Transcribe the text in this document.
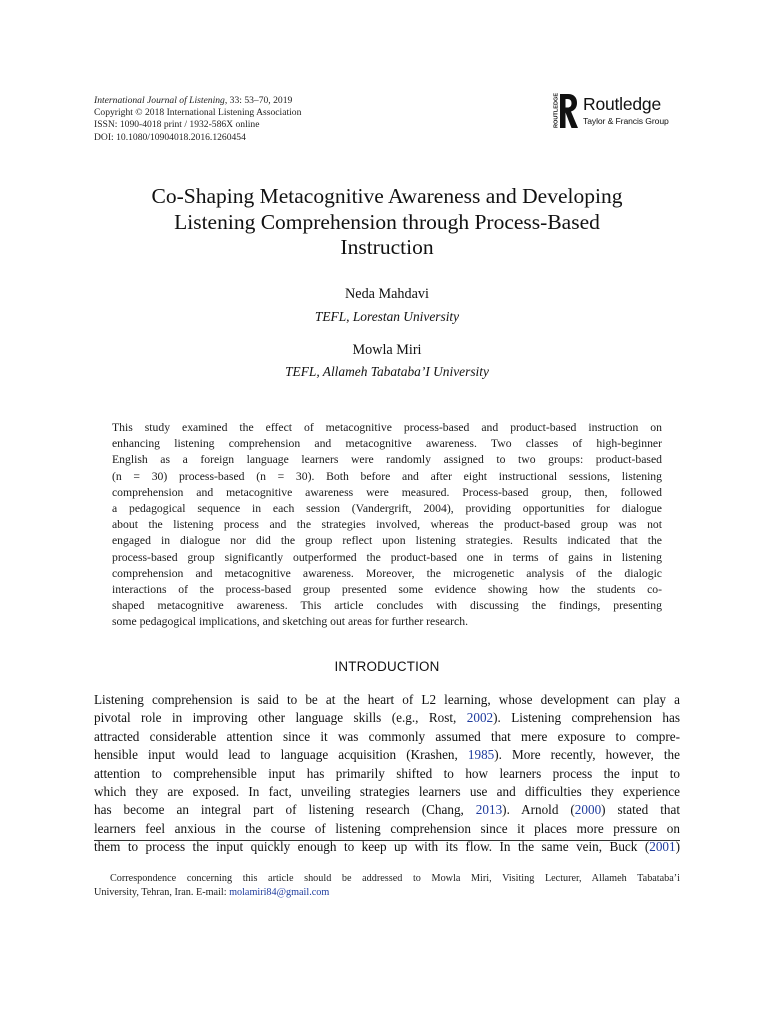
International Journal of Listening, 33: 53–70, 2019
Copyright © 2018 International Listening Association
ISSN: 1090-4018 print / 1932-586X online
DOI: 10.1080/10904018.2016.1260454
ROUTLEDGE Routledge
Taylor & Francis Group
Co-Shaping Metacognitive Awareness and Developing
Listening Comprehension through Process-Based
Instruction
Neda Mahdavi
TEFL, Lorestan University
Mowla Miri
TEFL, Allameh Tabataba’I University
This study examined the effect of metacognitive process-based and product-based instruction on
enhancing listening comprehension and metacognitive awareness. Two classes of high-beginner
English as a foreign language learners were randomly assigned to two groups: product-based
(n = 30) process-based (n = 30). Both before and after eight instructional sessions, listening
comprehension and metacognitive awareness were measured. Process-based group, then, followed
a pedagogical sequence in each session (Vandergrift, 2004), providing opportunities for dialogue
about the listening process and the strategies involved, whereas the product-based group was not
engaged in dialogue nor did the group reflect upon listening strategies. Results indicated that the
process-based group significantly outperformed the product-based one in terms of gains in listening
comprehension and metacognitive awareness. Moreover, the microgenetic analysis of the dialogic
interactions of the process-based group presented some evidence showing how the students co-
shaped metacognitive awareness. This article concludes with discussing the findings, presenting
some pedagogical implications, and sketching out areas for further research.
INTRODUCTION
Listening comprehension is said to be at the heart of L2 learning, whose development can play a
pivotal role in improving other language skills (e.g., Rost, 2002). Listening comprehension has
attracted considerable attention since it was commonly assumed that mere exposure to compre-
hensible input would lead to language acquisition (Krashen, 1985). More recently, however, the
attention to comprehensible input has primarily shifted to how learners process the input to
which they are exposed. In fact, unveiling strategies learners use and difficulties they experience
has become an integral part of listening research (Chang, 2013). Arnold (2000) stated that
learners feel anxious in the course of listening comprehension since it places more pressure on
them to process the input quickly enough to keep up with its flow. In the same vein, Buck (2001)
Correspondence concerning this article should be addressed to Mowla Miri, Visiting Lecturer, Allameh Tabataba’i
University, Tehran, Iran. E-mail: molamiri84@gmail.com
